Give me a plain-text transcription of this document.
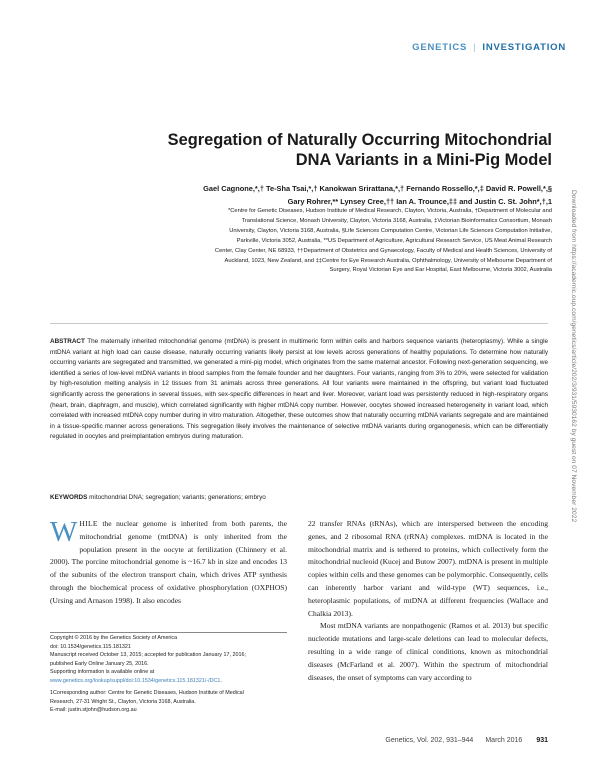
GENETICS | INVESTIGATION
Segregation of Naturally Occurring Mitochondrial
DNA Variants in a Mini-Pig Model
Gael Cagnone,*,† Te-Sha Tsai,*,† Kanokwan Srirattana,*,† Fernando Rossello,*,‡ David R. Powell,*,§
Gary Rohrer,** Lynsey Cree,†† Ian A. Trounce,‡‡ and Justin C. St. John*,†,1
*Centre for Genetic Diseases, Hudson Institute of Medical Research, Clayton, Victoria, Australia, †Department of Molecular and
Translational Science, Monash University, Clayton, Victoria 3168, Australia, ‡Victorian Bioinformatics Consortium, Monash
University, Clayton, Victoria 3168, Australia, §Life Sciences Computation Centre, Victorian Life Sciences Computation Initiative,
Parkville, Victoria 3052, Australia, **US Department of Agriculture, Agricultural Research Service, US Meat Animal Research
Center, Clay Center, NE 68933, ††Department of Obstetrics and Gynaecology, Faculty of Medical and Health Sciences, University of
Auckland, 1023, New Zealand, and ‡‡Centre for Eye Research Australia, Ophthalmology, University of Melbourne Department of
Surgery, Royal Victorian Eye and Ear Hospital, East Melbourne, Victoria 3002, Australia	Downloaded from https://academic.oup.com/genetics/article/202/3/931/5930162 by guest on 07 November 2022
ABSTRACT The maternally inherited mitochondrial genome (mtDNA) is present in multimeric form within cells and harbors sequence variants (heteroplasmy). While a single mtDNA variant at high load can cause disease, naturally occurring variants likely persist at low levels across generations of healthy populations. To determine how naturally occurring variants are segregated and transmitted, we generated a mini-pig model, which originates from the same maternal ancestor. Following next-generation sequencing, we identified a series of low-level mtDNA variants in blood samples from the female founder and her daughters. Four variants, ranging from 3% to 20%, were selected for validation by high-resolution melting analysis in 12 tissues from 31 animals across three generations. All four variants were maintained in the offspring, but variant load fluctuated significantly across the generations in several tissues, with sex-specific differences in heart and liver. Moreover, variant load was persistently reduced in high-respiratory organs (heart, brain, diaphragm, and muscle), which correlated significantly with higher mtDNA copy number. However, oocytes showed increased heterogeneity in variant load, which correlated with increased mtDNA copy number during in vitro maturation. Altogether, these outcomes show that naturally occurring mtDNA variants segregate and are maintained in a tissue-specific manner across generations. This segregation likely involves the maintenance of selective mtDNA variants during organogenesis, which can be differentially regulated in oocytes and preimplantation embryos during maturation.
KEYWORDS mitochondrial DNA; segregation; variants; generations; embryo
WHILE the nuclear genome is inherited from both parents, the mitochondrial genome (mtDNA) is only inherited from the population present in the oocyte at fertilization (Chinnery et al. 2000). The porcine mitochondrial genome is ~16.7 kb in size and encodes 13 of the subunits of the electron transport chain, which drives ATP synthesis through the biochemical process of oxidative phosphorylation (OXPHOS) (Ursing and Arnason 1998). It also encodes
22 transfer RNAs (tRNAs), which are interspersed between the encoding genes, and 2 ribosomal RNA (rRNA) complexes. mtDNA is located in the mitochondrial matrix and is tethered to proteins, which collectively form the mitochondrial nucleoid (Kucej and Butow 2007). mtDNA is present in multiple copies within cells and these genomes can be polymorphic. Consequently, cells can inherently harbor variant and wild-type (WT) sequences, i.e., heteroplasmic populations, of mtDNA at different frequencies (Wallace and Chalkia 2013).
Most mtDNA variants are nonpathogenic (Ramos et al. 2013) but specific nucleotide mutations and large-scale deletions can lead to molecular defects, resulting in a wide range of clinical conditions, known as mitochondrial diseases (McFarland et al. 2007). Within the spectrum of mitochondrial diseases, the onset of symptoms can vary according to
Copyright © 2016 by the Genetics Society of America
doi: 10.1534/genetics.115.181321
Manuscript received October 13, 2015; accepted for publication January 17, 2016;
published Early Online January 25, 2016.
Supporting information is available online at www.genetics.org/lookup/suppl/doi:10.1534/genetics.115.181321/-/DC1.
1Corresponding author: Centre for Genetic Diseases, Hudson Institute of Medical
Research, 27-31 Wright St., Clayton, Victoria 3168, Australia.
E-mail: justin.stjohn@hudson.org.au
Genetics, Vol. 202, 931–944 March 2016 931
